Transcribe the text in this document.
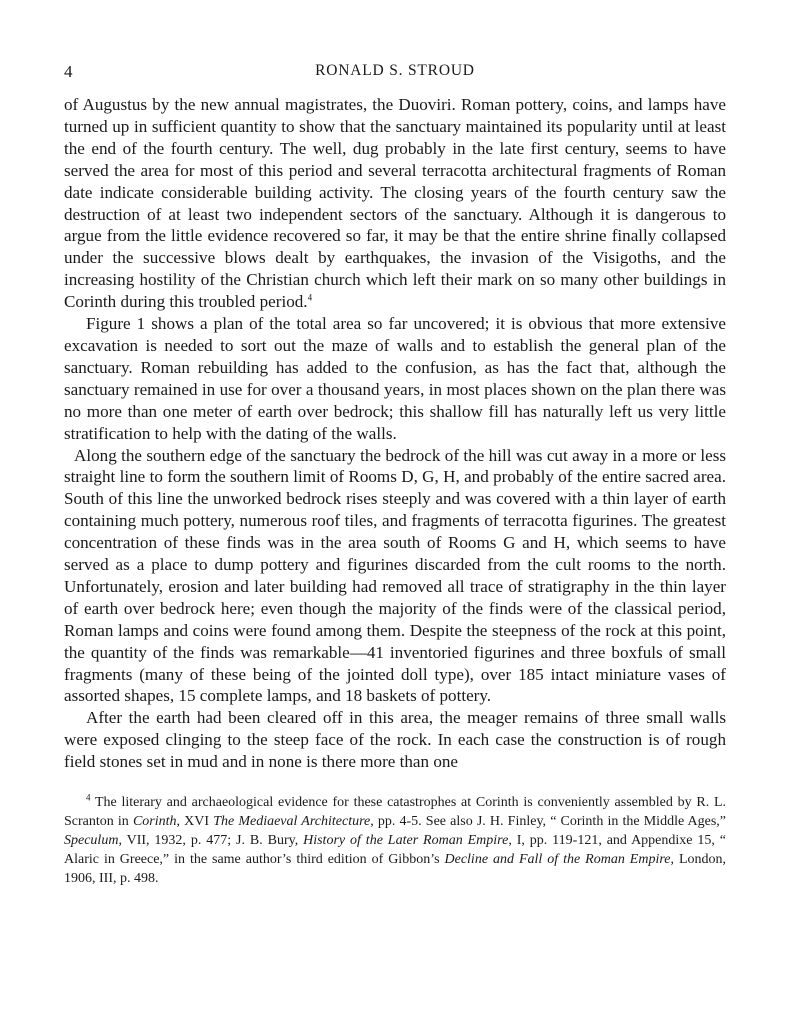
4	RONALD S. STROUD

of Augustus by the new annual magistrates, the Duoviri. Roman pottery, coins, and lamps have turned up in sufficient quantity to show that the sanctuary maintained its popularity until at least the end of the fourth century. The well, dug probably in the late first century, seems to have served the area for most of this period and several terracotta architectural fragments of Roman date indicate considerable building activity. The closing years of the fourth century saw the destruction of at least two independent sectors of the sanctuary. Although it is dangerous to argue from the little evidence recovered so far, it may be that the entire shrine finally collapsed under the successive blows dealt by earthquakes, the invasion of the Visigoths, and the increasing hostility of the Christian church which left their mark on so many other buildings in Corinth during this troubled period.$^4$

Figure 1 shows a plan of the total area so far uncovered; it is obvious that more extensive excavation is needed to sort out the maze of walls and to establish the general plan of the sanctuary. Roman rebuilding has added to the confusion, as has the fact that, although the sanctuary remained in use for over a thousand years, in most places shown on the plan there was no more than one meter of earth over bedrock; this shallow fill has naturally left us very little stratification to help with the dating of the walls.

Along the southern edge of the sanctuary the bedrock of the hill was cut away in a more or less straight line to form the southern limit of Rooms D, G, H, and probably of the entire sacred area. South of this line the unworked bedrock rises steeply and was covered with a thin layer of earth containing much pottery, numerous roof tiles, and fragments of terracotta figurines. The greatest concentration of these finds was in the area south of Rooms G and H, which seems to have served as a place to dump pottery and figurines discarded from the cult rooms to the north. Unfortunately, erosion and later building had removed all trace of stratigraphy in the thin layer of earth over bedrock here; even though the majority of the finds were of the classical period, Roman lamps and coins were found among them. Despite the steepness of the rock at this point, the quantity of the finds was remarkable—41 inventoried figurines and three boxfuls of small fragments (many of these being of the jointed doll type), over 185 intact miniature vases of assorted shapes, 15 complete lamps, and 18 baskets of pottery.

After the earth had been cleared off in this area, the meager remains of three small walls were exposed clinging to the steep face of the rock. In each case the construction is of rough field stones set in mud and in none is there more than one

$^4$ The literary and archaeological evidence for these catastrophes at Corinth is conveniently assembled by R. L. Scranton in Corinth, XVI The Mediaeval Architecture, pp. 4-5. See also J. H. Finley, “ Corinth in the Middle Ages,” Speculum, VII, 1932, p. 477; J. B. Bury, History of the Later Roman Empire, I, pp. 119-121, and Appendixe 15, “ Alaric in Greece,” in the same author’s third edition of Gibbon’s Decline and Fall of the Roman Empire, London, 1906, III, p. 498.
